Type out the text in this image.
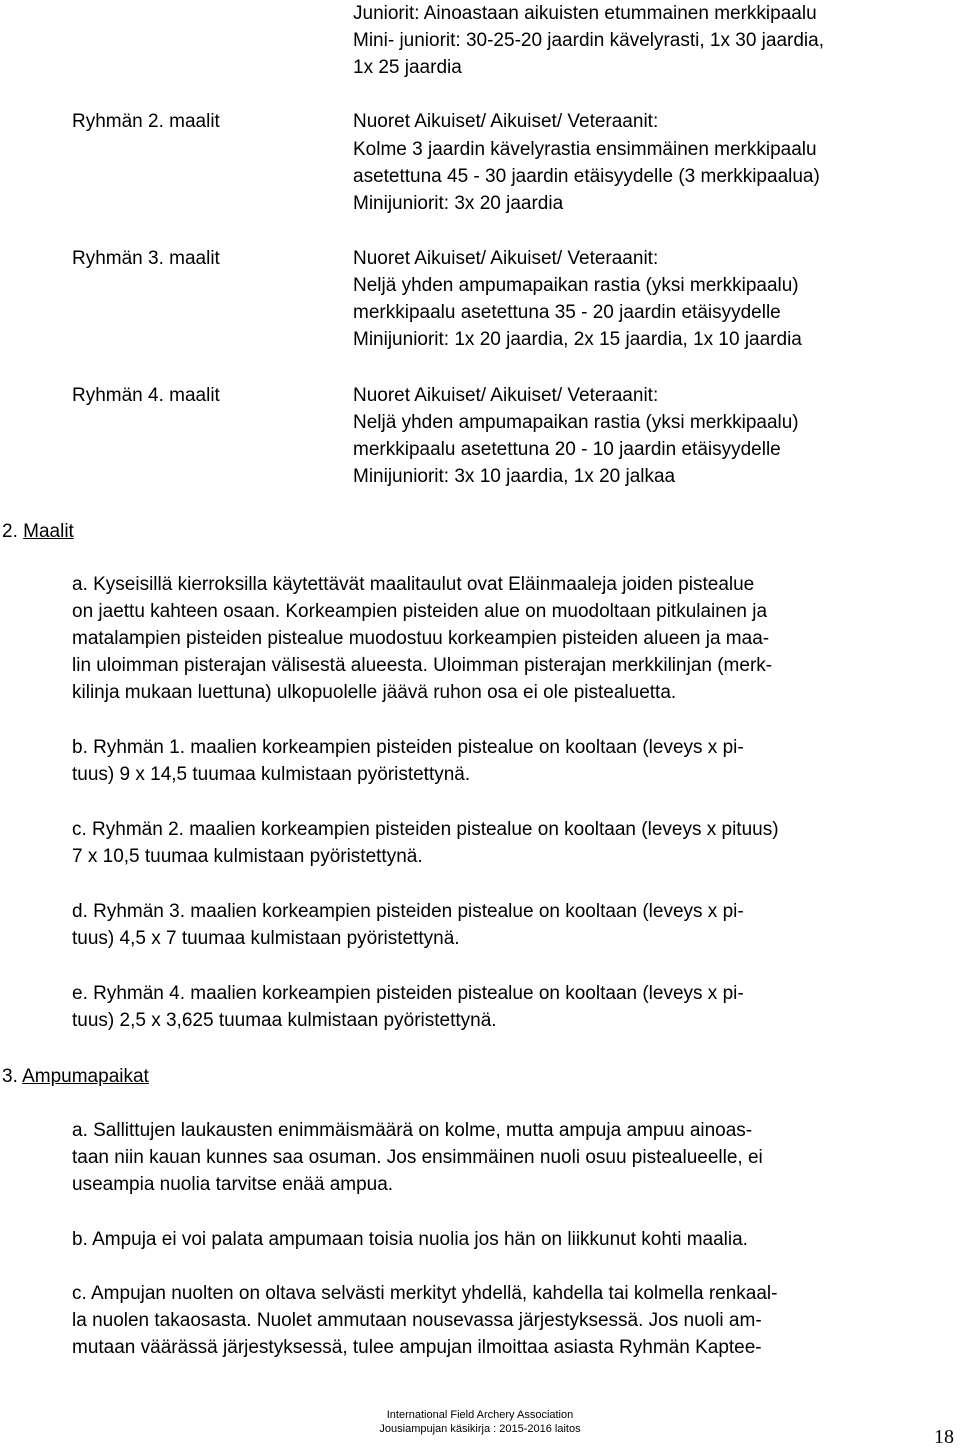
Juniorit: Ainoastaan aikuisten etummainen merkkipaalu
Mini- juniorit: 30-25-20 jaardin kävelyrasti, 1x 30 jaardia,
1x 25 jaardia
Ryhmän 2. maalit	Nuoret Aikuiset/ Aikuiset/ Veteraanit:
Kolme 3 jaardin kävelyrastia ensimmäinen merkkipaalu
asetettuna 45 - 30 jaardin etäisyydelle (3 merkkipaalua)
Minijuniorit: 3x 20 jaardia
Ryhmän 3. maalit	Nuoret Aikuiset/ Aikuiset/ Veteraanit:
Neljä yhden ampumapaikan rastia (yksi merkkipaalu)
merkkipaalu asetettuna 35 - 20 jaardin etäisyydelle
Minijuniorit: 1x 20 jaardia, 2x 15 jaardia, 1x 10 jaardia
Ryhmän 4. maalit	Nuoret Aikuiset/ Aikuiset/ Veteraanit:
Neljä yhden ampumapaikan rastia (yksi merkkipaalu)
merkkipaalu asetettuna 20 - 10 jaardin etäisyydelle
Minijuniorit: 3x 10 jaardia, 1x 20 jalkaa
2. Maalit
a. Kyseisillä kierroksilla käytettävät maalitaulut ovat Eläinmaaleja joiden pistealue
on jaettu kahteen osaan. Korkeampien pisteiden alue on muodoltaan pitkulainen ja
matalampien pisteiden pistealue muodostuu korkeampien pisteiden alueen ja maa-
lin uloimman pisterajan välisestä alueesta. Uloimman pisterajan merkkilinjan (merk-
kilinja mukaan luettuna) ulkopuolelle jäävä ruhon osa ei ole pistealuetta.
b. Ryhmän 1. maalien korkeampien pisteiden pistealue on kooltaan (leveys x pi-
tuus) 9 x 14,5 tuumaa kulmistaan pyöristettynä.
c. Ryhmän 2. maalien korkeampien pisteiden pistealue on kooltaan (leveys x pituus)
7 x 10,5 tuumaa kulmistaan pyöristettynä.
d. Ryhmän 3. maalien korkeampien pisteiden pistealue on kooltaan (leveys x pi-
tuus) 4,5 x 7 tuumaa kulmistaan pyöristettynä.
e. Ryhmän 4. maalien korkeampien pisteiden pistealue on kooltaan (leveys x pi-
tuus) 2,5 x 3,625 tuumaa kulmistaan pyöristettynä.
3. Ampumapaikat
a. Sallittujen laukausten enimmäismäärä on kolme, mutta ampuja ampuu ainoas-
taan niin kauan kunnes saa osuman. Jos ensimmäinen nuoli osuu pistealueelle, ei
useampia nuolia tarvitse enää ampua.
b. Ampuja ei voi palata ampumaan toisia nuolia jos hän on liikkunut kohti maalia.
c. Ampujan nuolten on oltava selvästi merkityt yhdellä, kahdella tai kolmella renkaal-
la nuolen takaosasta. Nuolet ammutaan nousevassa järjestyksessä. Jos nuoli am-
mutaan väärässä järjestyksessä, tulee ampujan ilmoittaa asiasta Ryhmän Kaptee-
International Field Archery Association
Jousiampujan käsikirja : 2015-2016 laitos	18
